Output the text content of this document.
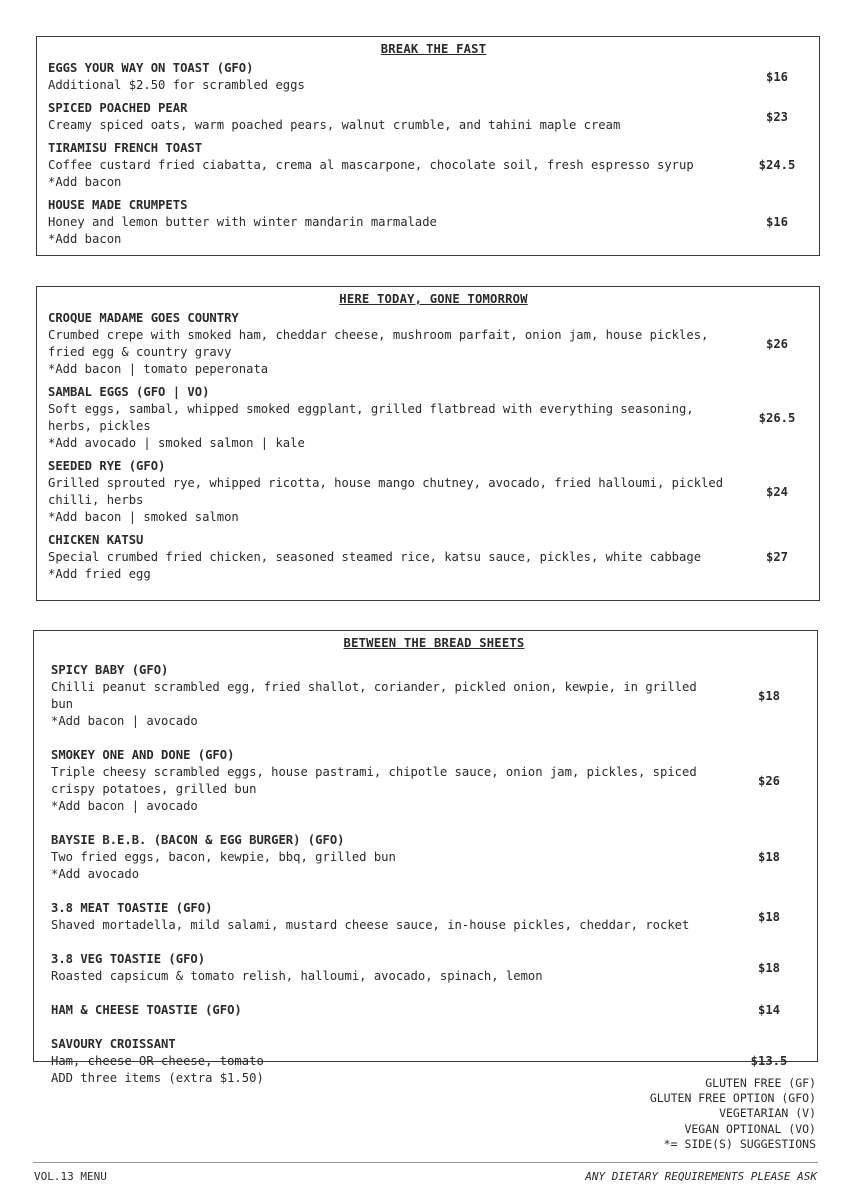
BREAK THE FAST
EGGS YOUR WAY ON TOAST (GFO)
Additional $2.50 for scrambled eggs
$16
SPICED POACHED PEAR
Creamy spiced oats, warm poached pears, walnut crumble, and tahini maple cream
$23
TIRAMISU FRENCH TOAST
Coffee custard fried ciabatta, crema al mascarpone, chocolate soil, fresh espresso syrup
*Add bacon
$24.5
HOUSE MADE CRUMPETS
Honey and lemon butter with winter mandarin marmalade
*Add bacon
$16
HERE TODAY, GONE TOMORROW
CROQUE MADAME GOES COUNTRY
Crumbed crepe with smoked ham, cheddar cheese, mushroom parfait, onion jam, house pickles, fried egg & country gravy
*Add bacon | tomato peperonata
$26
SAMBAL EGGS (GFO | VO)
Soft eggs, sambal, whipped smoked eggplant, grilled flatbread with everything seasoning, herbs, pickles
*Add avocado | smoked salmon | kale
$26.5
SEEDED RYE (GFO)
Grilled sprouted rye, whipped ricotta, house mango chutney, avocado, fried halloumi, pickled chilli, herbs
*Add bacon | smoked salmon
$24
CHICKEN KATSU
Special crumbed fried chicken, seasoned steamed rice, katsu sauce, pickles, white cabbage
*Add fried egg
$27
BETWEEN THE BREAD SHEETS
SPICY BABY (GFO)
Chilli peanut scrambled egg, fried shallot, coriander, pickled onion, kewpie, in grilled bun
*Add bacon | avocado
$18
SMOKEY ONE AND DONE (GFO)
Triple cheesy scrambled eggs, house pastrami, chipotle sauce, onion jam, pickles, spiced crispy potatoes, grilled bun
*Add bacon | avocado
$26
BAYSIE B.E.B. (BACON & EGG BURGER) (GFO)
Two fried eggs, bacon, kewpie, bbq, grilled bun
*Add avocado
$18
3.8 MEAT TOASTIE (GFO)
Shaved mortadella, mild salami, mustard cheese sauce, in-house pickles, cheddar, rocket
$18
3.8 VEG TOASTIE (GFO)
Roasted capsicum & tomato relish, halloumi, avocado, spinach, lemon
$18
HAM & CHEESE TOASTIE (GFO)	$14
SAVOURY CROISSANT
Ham, cheese OR cheese, tomato
ADD three items (extra $1.50)
$13.5
GLUTEN FREE (GF)
GLUTEN FREE OPTION (GFO)
VEGETARIAN (V)
VEGAN OPTIONAL (VO)
*= SIDE(S) SUGGESTIONS
VOL.13 MENU	ANY DIETARY REQUIREMENTS PLEASE ASK
